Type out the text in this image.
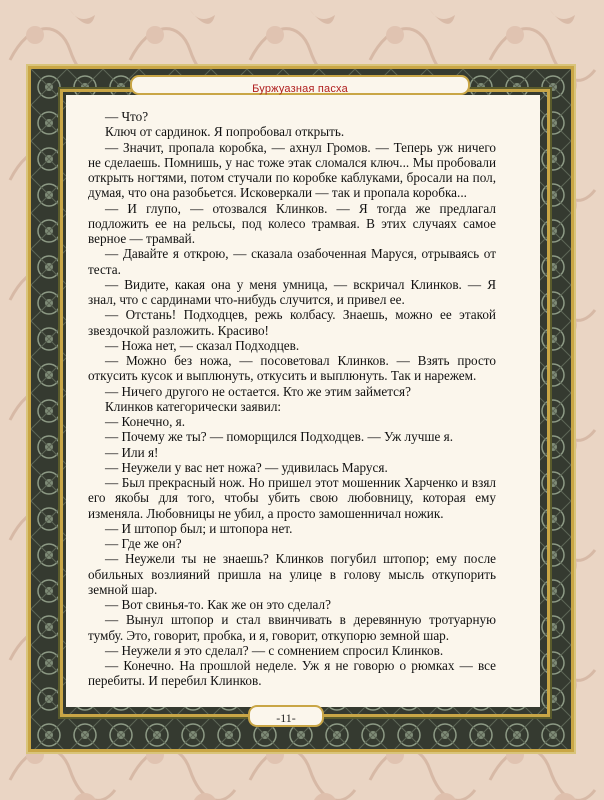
Буржуазная пасха

— Что?

Ключ от сардинок. Я попробовал открыть.

— Значит, пропала коробка, — ахнул Громов. — Теперь уж ничего не сделаешь. Помнишь, у нас тоже этак сломался ключ... Мы пробовали открыть ногтями, потом стучали по коробке каблуками, бросали на пол, думая, что она разобьется. Исковеркали — так и пропала коробка...

— И глупо, — отозвался Клинков. — Я тогда же предлагал подложить ее на рельсы, под колесо трамвая. В этих случаях самое верное — трамвай.

— Давайте я открою, — сказала озабоченная Маруся, отрываясь от теста.

— Видите, какая она у меня умница, — вскричал Клинков. — Я знал, что с сардинами что-нибудь случится, и привел ее.

— Отстань! Подходцев, режь колбасу. Знаешь, можно ее этакой звездочкой разложить. Красиво!

— Ножа нет, — сказал Подходцев.

— Можно без ножа, — посоветовал Клинков. — Взять просто откусить кусок и выплюнуть, откусить и выплюнуть. Так и нарежем.

— Ничего другого не остается. Кто же этим займется?

Клинков категорически заявил:

— Конечно, я.

— Почему же ты? — поморщился Подходцев. — Уж лучше я.

— Или я!

— Неужели у вас нет ножа? — удивилась Маруся.

— Был прекрасный нож. Но пришел этот мошенник Харченко и взял его якобы для того, чтобы убить свою любовницу, которая ему изменяла. Любовницы не убил, а просто замошенничал ножик.

— И штопор был; и штопора нет.

— Где же он?

— Неужели ты не знаешь? Клинков погубил штопор; ему после обильных возлияний пришла на улице в голову мысль откупорить земной шар.

— Вот свинья-то. Как же он это сделал?

— Вынул штопор и стал ввинчивать в деревянную тротуарную тумбу. Это, говорит, пробка, и я, говорит, откупорю земной шар.

— Неужели я это сделал? — с сомнением спросил Клинков.

— Конечно. На прошлой неделе. Уж я не говорю о рюмках — все перебиты. И перебил Клинков.

-11-
